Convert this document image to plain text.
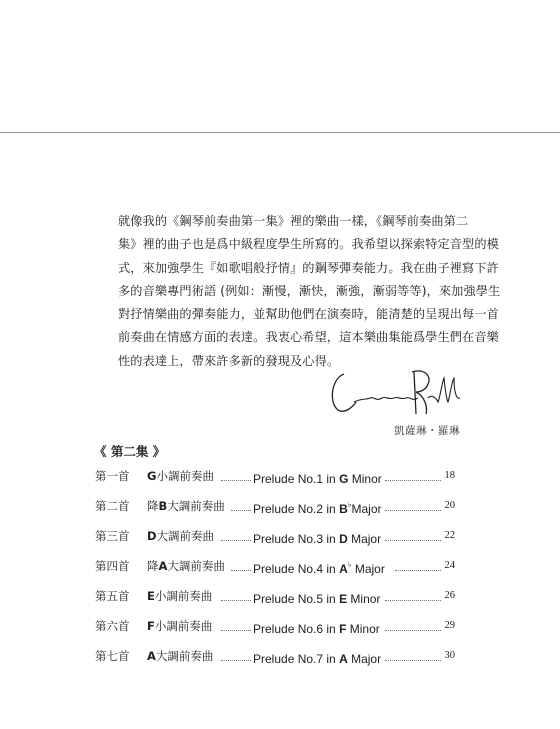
就像我的《鋼琴前奏曲第一集》裡的樂曲一樣，《鋼琴前奏曲第二
集》裡的曲子也是爲中級程度學生所寫的。我希望以探索特定音型的模
式，來加強學生『如歌唱般抒情』的鋼琴彈奏能力。我在曲子裡寫下許
多的音樂專門術語 (例如：漸慢，漸快，漸強，漸弱等等)，來加強學生
對抒情樂曲的彈奏能力，並幫助他們在演奏時，能清楚的呈現出每一首
前奏曲在情感方面的表達。我衷心希望，這本樂曲集能爲學生們在音樂
性的表達上，帶來許多新的發現及心得。
凱薩琳・羅琳
《 第二集 》
第一首 G小調前奏曲	Prelude No.1 in G Minor	18
第二首 降B大調前奏曲 Prelude No.2 in B♭Major	20
第三首 D大調前奏曲	Prelude No.3 in D Major	22
第四首 降A大調前奏曲 Prelude No.4 in A♭ Major	24
第五首 E小調前奏曲	Prelude No.5 in E Minor	26
第六首 F小調前奏曲	Prelude No.6 in F Minor	29
第七首 A大調前奏曲	Prelude No.7 in A Major	30
